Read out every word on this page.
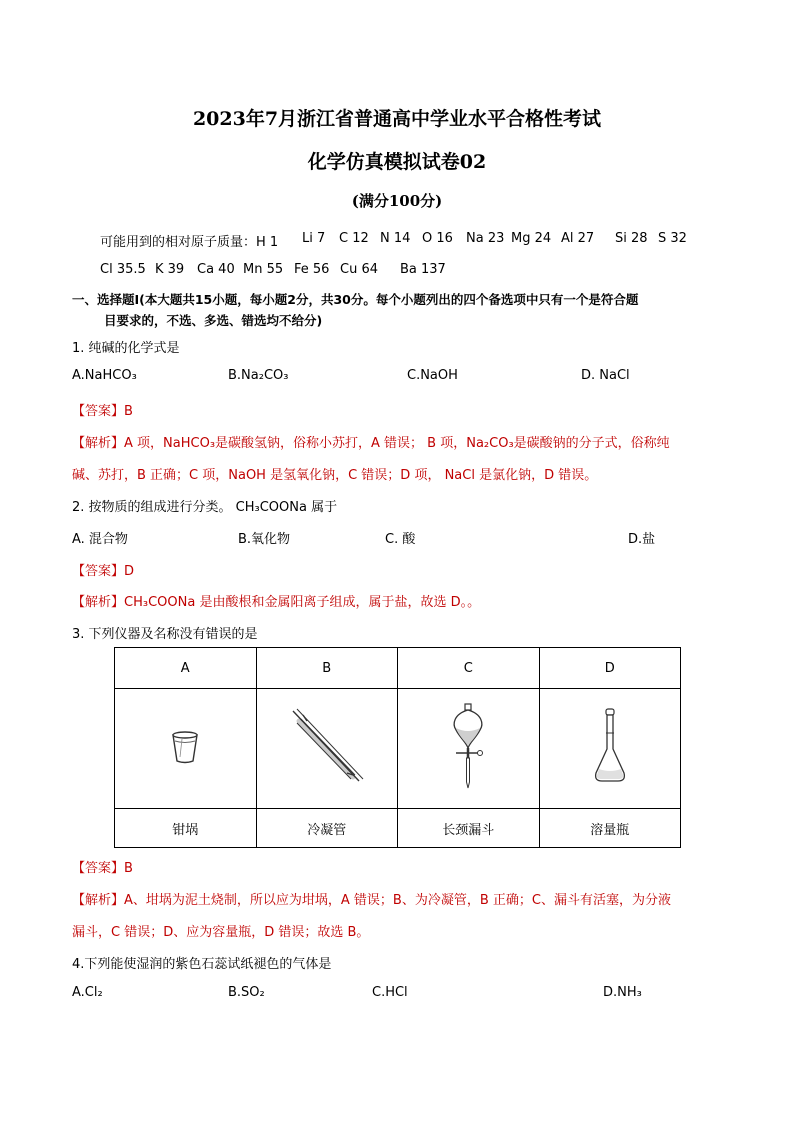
2023年7月浙江省普通高中学业水平合格性考试
化学仿真模拟试卷02
(满分100分)
可能用到的相对原子质量：H 1 Li 7 C 12 N 14 O 16 Na 23 Mg 24 Al 27 Si 28 S 32
Cl 35.5 K 39 Ca 40 Mn 55 Fe 56 Cu 64 Ba 137
一、选择题Ⅰ(本大题共15小题，每小题2分，共30分。每个小题列出的四个备选项中只有一个是符合题
目要求的，不选、多选、错选均不给分)
1. 纯碱的化学式是
A.NaHCO₃	B.Na₂CO₃	C.NaOH	D. NaCl
【答案】B
【解析】A 项，NaHCO₃是碳酸氢钠，俗称小苏打，A 错误； B 项，Na₂CO₃是碳酸钠的分子式，俗称纯
碱、苏打，B 正确；C 项，NaOH 是氢氧化钠，C 错误；D 项， NaCl 是氯化钠，D 错误。
2. 按物质的组成进行分类。 CH₃COONa 属于
A. 混合物	B.氧化物	C. 酸	D.盐
【答案】D
【解析】CH₃COONa 是由酸根和金属阳离子组成，属于盐，故选 D。。
3. 下列仪器及名称没有错误的是
A	B	C	D

钳埚	冷凝管	长颈漏斗	溶量瓶
【答案】B
【解析】A、坩埚为泥土烧制，所以应为坩埚，A 错误；B、为冷凝管，B 正确；C、漏斗有活塞，为分液
漏斗，C 错误；D、应为容量瓶，D 错误；故选 B。
4.下列能使湿润的紫色石蕊试纸褪色的气体是
A.Cl₂	B.SO₂	C.HCl	D.NH₃
